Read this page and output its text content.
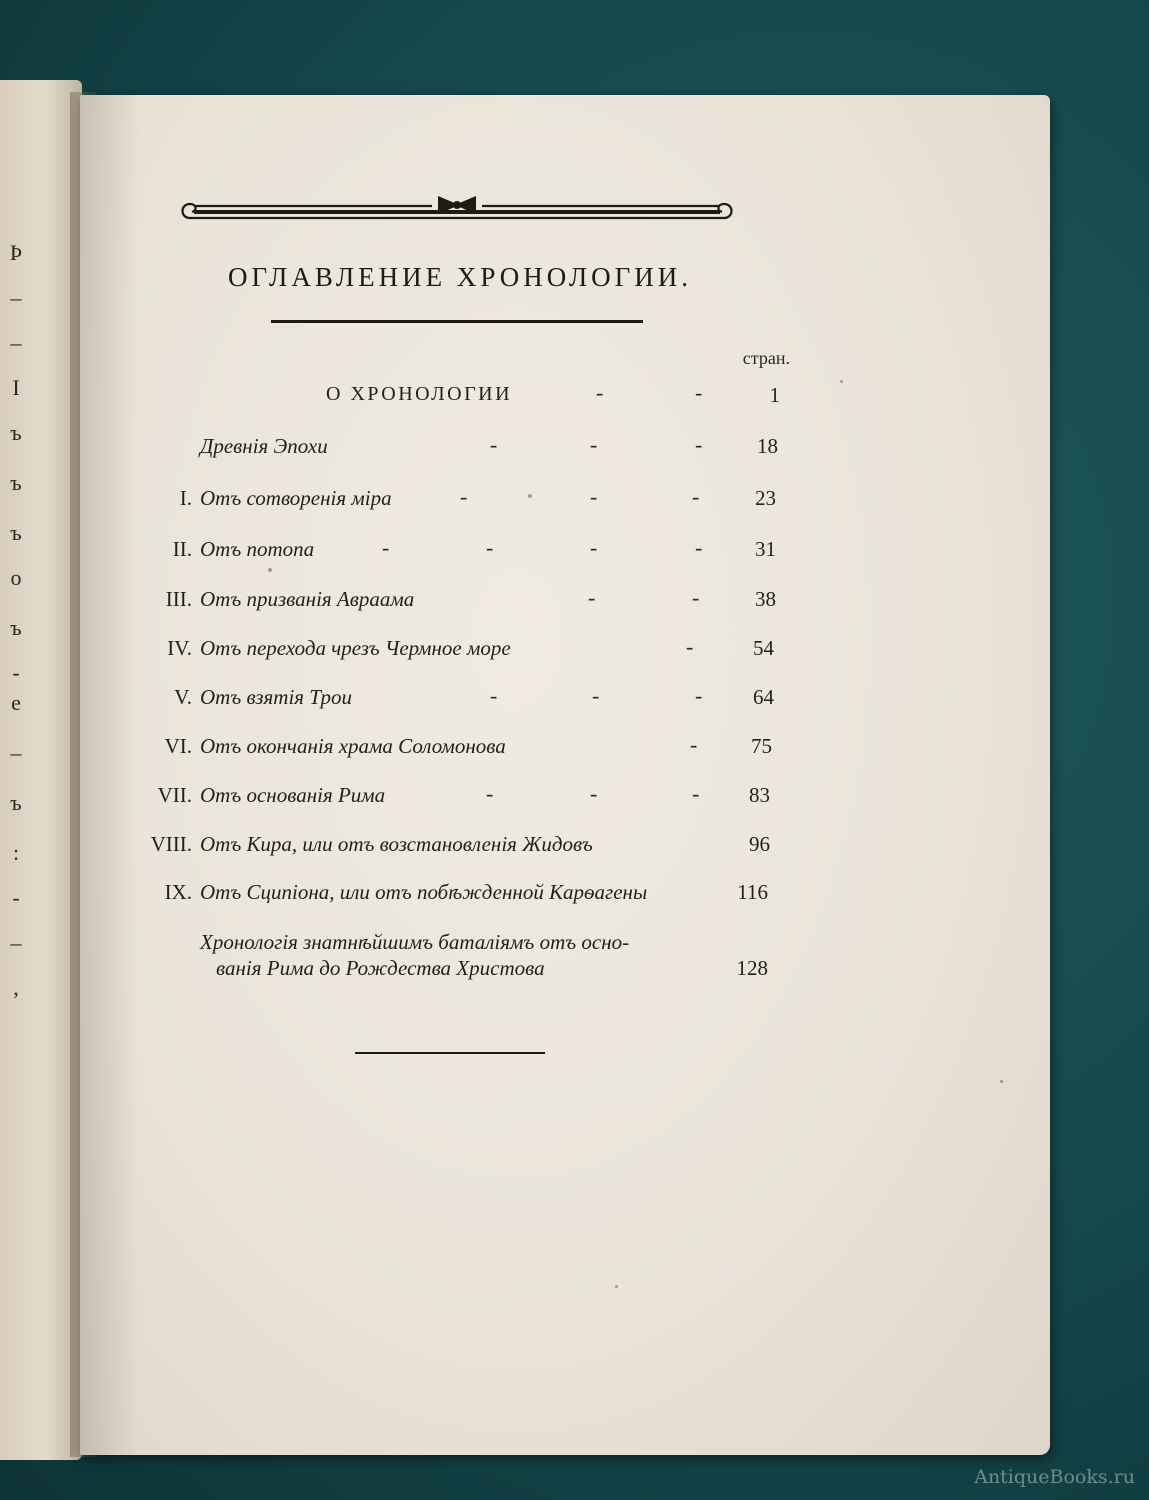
Þ
–
–
I
ъ
ъ
ъ
о
ъ
-
е
–
ъ
:
-
–
,
ОГЛАВЛЕНИЕ ХРОНОЛОГИИ.
стран.
О ХРОНОЛОГИИ	-	-	1
Древнія Эпохи	-	-	-	18
I. Отъ сотворенія міра	-	-	-	23
II. Отъ потопа	-	-	-	-	31
III. Отъ призванія Авраама	-	-	38
IV. Отъ перехода чрезъ Чермное море	-	54
V. Отъ взятія Трои	-	-	-	64
VI. Отъ окончанія храма Соломонова	-	75
VII. Отъ основанія Рима	-	-	-	83
VIII. Отъ Кира, или отъ возстановленія Жидовъ	96
IX. Отъ Сципіона, или отъ побѣжденной Карѳагены	116
Хронологія знатнѣйшимъ баталіямъ отъ осно-
ванія Рима до Рождества Христова	128
AntiqueBooks.ru
